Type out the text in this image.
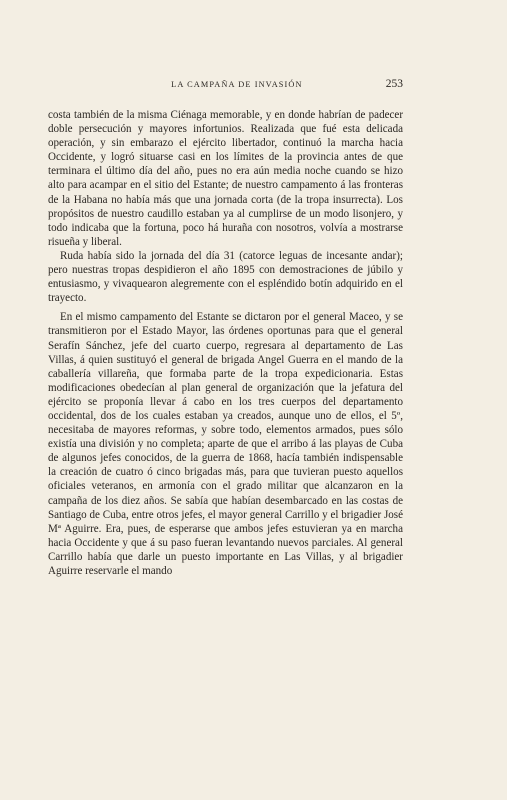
LA CAMPAÑA DE INVASIÓN	253

costa también de la misma Ciénaga memorable, y en donde habrían de padecer doble persecución y mayores infortunios. Realizada que fué esta delicada operación, y sin embarazo el ejército libertador, continuó la marcha hacia Occidente, y logró situarse casi en los límites de la provincia antes de que terminara el último día del año, pues no era aún media noche cuando se hizo alto para acampar en el sitio del Estante; de nuestro campamento á las fronteras de la Habana no había más que una jornada corta (de la tropa insurrecta). Los propósitos de nuestro caudillo estaban ya al cumplirse de un modo lisonjero, y todo indicaba que la fortuna, poco há huraña con nosotros, volvía a mostrarse risueña y liberal.

Ruda había sido la jornada del día 31 (catorce leguas de incesante andar); pero nuestras tropas despidieron el año 1895 con demostraciones de júbilo y entusiasmo, y vivaquearon alegremente con el espléndido botín adquirido en el trayecto.

En el mismo campamento del Estante se dictaron por el general Maceo, y se transmitieron por el Estado Mayor, las órdenes oportunas para que el general Serafín Sánchez, jefe del cuarto cuerpo, regresara al departamento de Las Villas, á quien sustituyó el general de brigada Angel Guerra en el mando de la caballería villareña, que formaba parte de la tropa expedicionaria. Estas modificaciones obedecían al plan general de organización que la jefatura del ejército se proponía llevar á cabo en los tres cuerpos del departamento occidental, dos de los cuales estaban ya creados, aunque uno de ellos, el 5º, necesitaba de mayores reformas, y sobre todo, elementos armados, pues sólo existía una división y no completa; aparte de que el arribo á las playas de Cuba de algunos jefes conocidos, de la guerra de 1868, hacía también indispensable la creación de cuatro ó cinco brigadas más, para que tuvieran puesto aquellos oficiales veteranos, en armonía con el grado militar que alcanzaron en la campaña de los diez años. Se sabía que habían desembarcado en las costas de Santiago de Cuba, entre otros jefes, el mayor general Carrillo y el brigadier José Mª Aguirre. Era, pues, de esperarse que ambos jefes estuvieran ya en marcha hacia Occidente y que á su paso fueran levantando nuevos parciales. Al general Carrillo había que darle un puesto importante en Las Villas, y al brigadier Aguirre reservarle el mando
